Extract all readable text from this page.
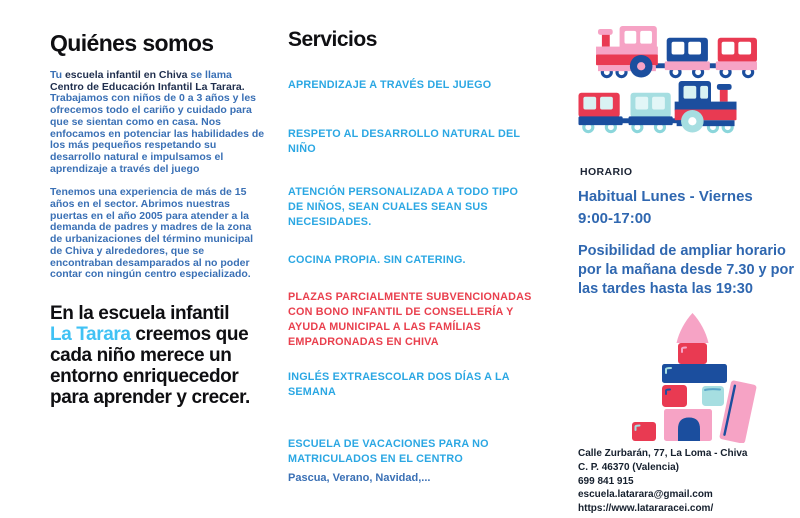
Quiénes somos

Tu escuela infantil en Chiva se llama Centro de Educación Infantil La Tarara. Trabajamos con niños de 0 a 3 años y les ofrecemos todo el cariño y cuidado para que se sientan como en casa. Nos enfocamos en potenciar las habilidades de los más pequeños respetando su desarrollo natural e impulsamos el aprendizaje a través del juego

Tenemos una experiencia de más de 15 años en el sector. Abrimos nuestras puertas en el año 2005 para atender a la demanda de padres y madres de la zona de urbanizaciones del término municipal de Chiva y alrededores, que se encontraban desamparados al no poder contar con ningún centro especializado.

En la escuela infantil La Tarara creemos que cada niño merece un entorno enriquecedor para aprender y crecer.
Servicios
APRENDIZAJE A TRAVÉS DEL JUEGO
RESPETO AL DESARROLLO NATURAL DEL NIÑO
ATENCIÓN PERSONALIZADA A TODO TIPO DE NIÑOS, SEAN CUALES SEAN SUS NECESIDADES.
COCINA PROPIA. SIN CATERING.
PLAZAS PARCIALMENTE SUBVENCIONADAS CON BONO INFANTIL DE CONSELLERÍA Y AYUDA MUNICIPAL A LAS FAMÍLIAS EMPADRONADAS EN CHIVA
INGLÉS EXTRAESCOLAR DOS DÍAS A LA SEMANA
ESCUELA DE VACACIONES PARA NO MATRICULADOS EN EL CENTRO
Pascua, Verano, Navidad,...
HORARIO
Habitual Lunes - Viernes
9:00-17:00
Posibilidad de ampliar horario por la mañana desde 7.30 y por las tardes hasta las 19:30
Calle Zurbarán, 77, La Loma - Chiva
C. P. 46370 (Valencia)
699 841 915
escuela.latarara@gmail.com
https://www.latararacei.com/
